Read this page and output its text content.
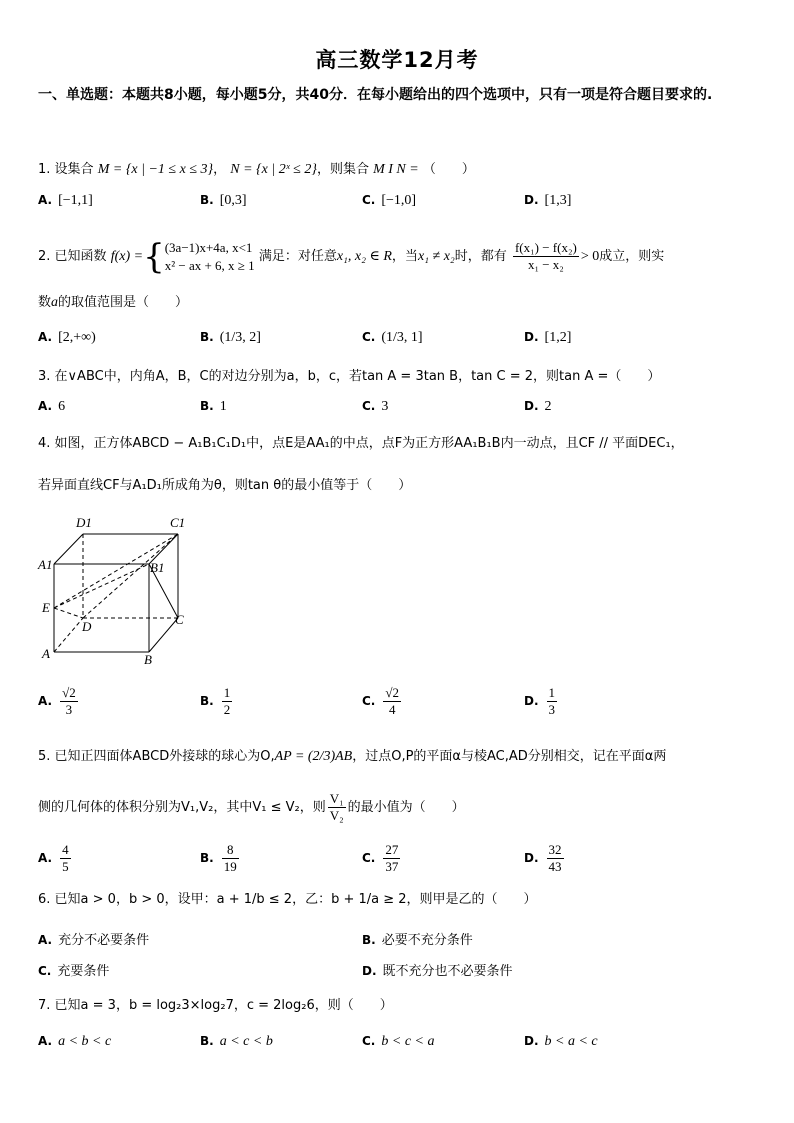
高三数学12月考
一、单选题：本题共8小题，每小题5分，共40分．在每小题给出的四个选项中，只有一项是符合题目要求的.
1. 设集合 M = {x | −1 ≤ x ≤ 3}， N = {x | 2ˣ ≤ 2}，则集合 M I N = （　　）
A. [−1,1]	B. [0,3]	C. [−1,0]	D. [1,3]
2. 已知函数 f(x) ={ (3a−1)x+4a, x<1
x² − ax + 6, x ≥ 1
满足：对任意x₁, x₂ ∈ R，当x₁ ≠ x₂时，都有 $\frac{\text{f(x₁) − f(x₂)}}{\text{x₁ − x₂}} > 0$成立，则实
数a的取值范围是（　　）
A. [2,+∞)	B. (1/3, 2]	C. (1/3, 1]	D. [1,2]
3. 在∨ABC中，内角A，B，C的对边分别为a，b，c，若tan A = 3tan B，tan C = 2，则tan A =（　　）
A. 6	B. 1	C. 3	D. 2
4. 如图，正方体ABCD − A₁B₁C₁D₁中，点E是AA₁的中点，点F为正方形AA₁B₁B内一动点，且CF // 平面DEC₁，
若异面直线CF与A₁D₁所成角为θ，则tan θ的最小值等于（　　）
D1	C1
A1	B1
E
D	C
A	B
A. $\frac{√2}{3}$	B. $\frac{1}{2}$	C. $\frac{√2}{4}$	D. $\frac{1}{3}$
5. 已知正四面体ABCD外接球的球心为O,AP = (2/3)AB，过点O,P的平面α与棱AC,AD分别相交，记在平面α两
侧的几何体的体积分别为V₁,V₂，其中V₁ ≤ V₂，则 $\frac{\text{V₁}}{\text{V₂}}$ 的最小值为（　　）
A. $\frac{4}{5}$	B. $\frac{8}{19}$	C. $\frac{27}{37}$	D. $\frac{32}{43}$
6. 已知a > 0，b > 0，设甲：a + 1/b ≤ 2，乙：b + 1/a ≥ 2，则甲是乙的（　　）
A. 充分不必要条件	B. 必要不充分条件
C. 充要条件	D. 既不充分也不必要条件
7. 已知a = 3，b = log₂3×log₂7，c = 2log₂6，则（　　）
A. a < b < c	B. a < c < b	C. b < c < a	D. b < a < c
